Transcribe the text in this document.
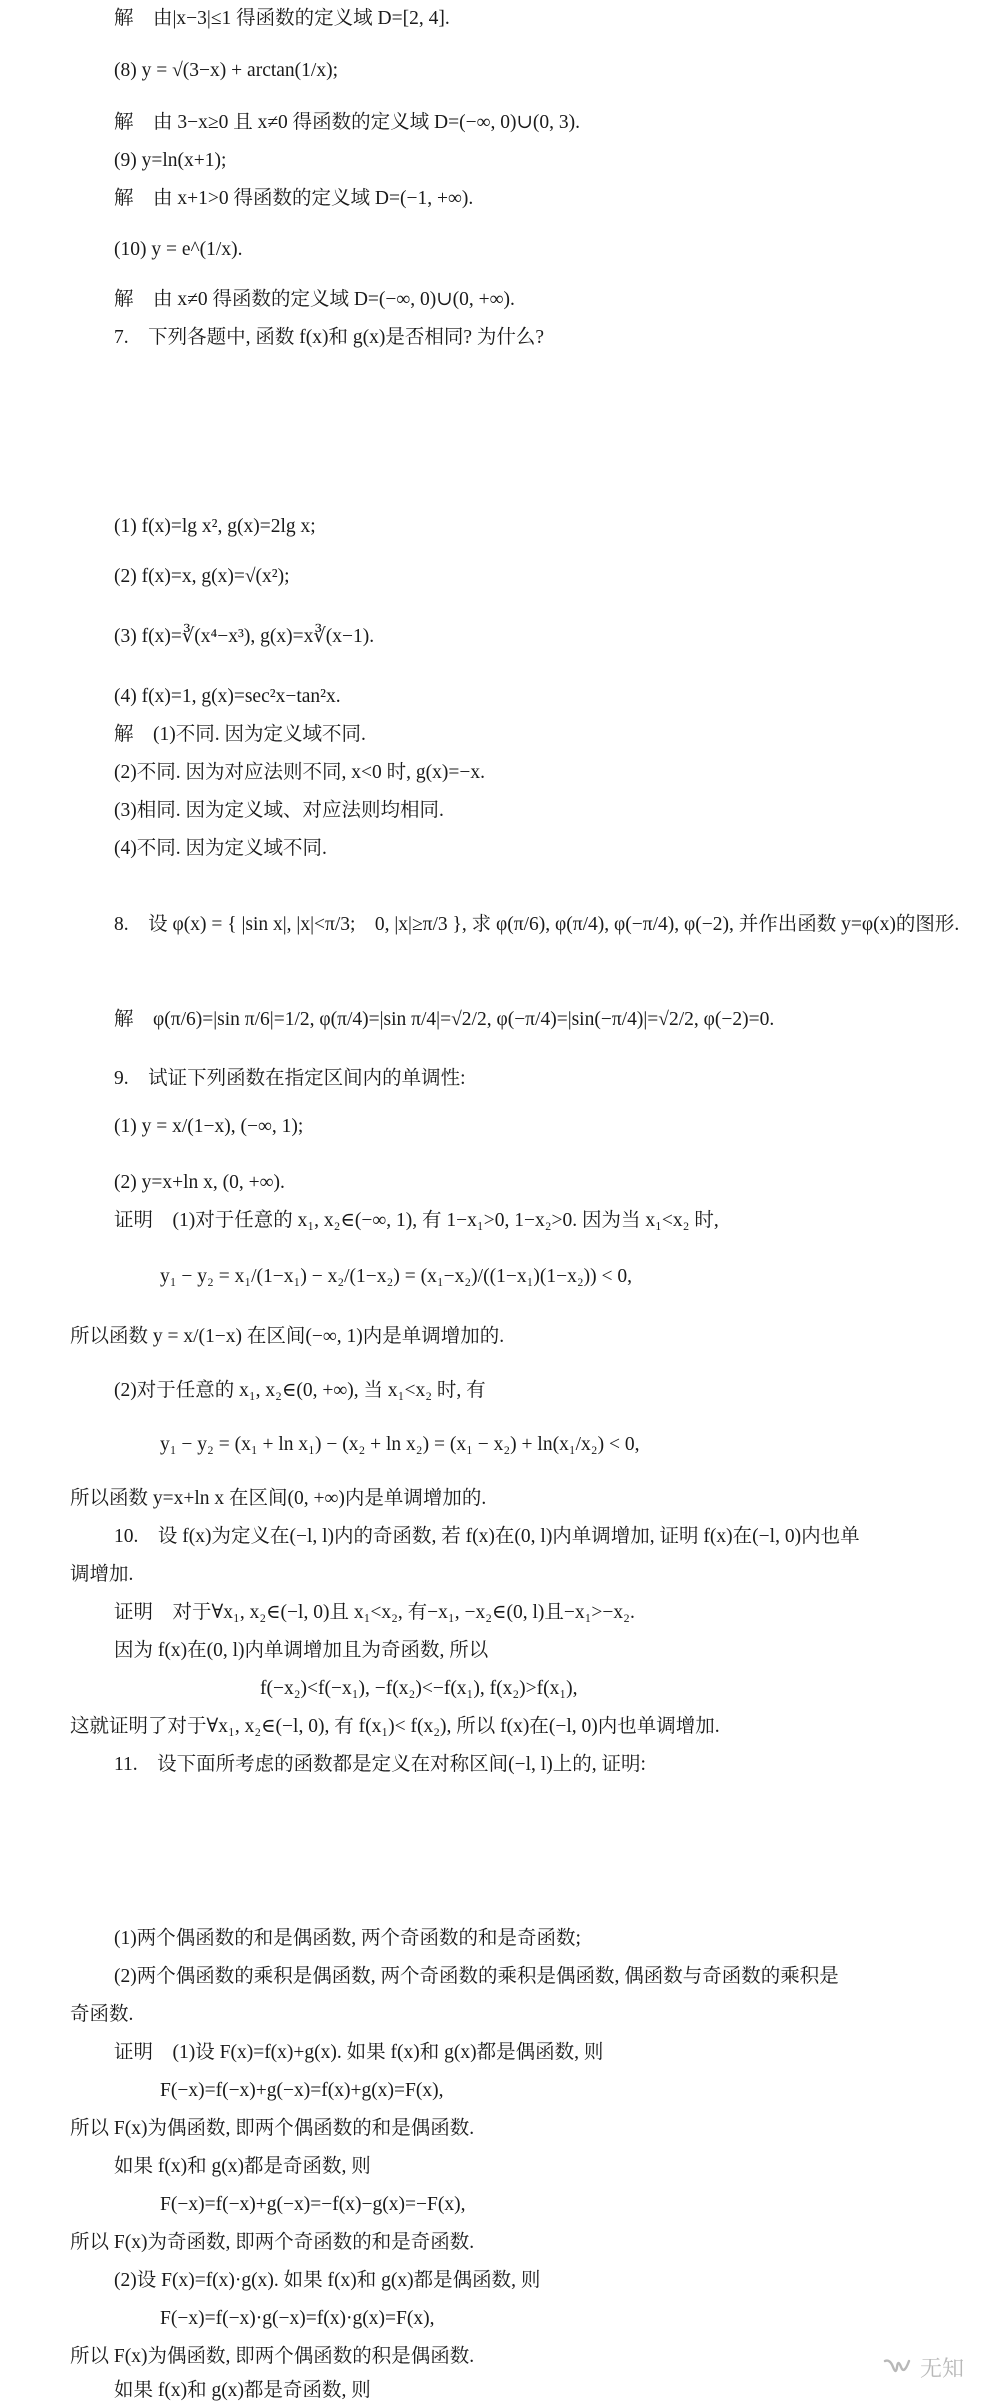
解　由|x−3|≤1 得函数的定义域 D=[2, 4].
(8) y = √(3−x) + arctan(1/x);
解　由 3−x≥0 且 x≠0 得函数的定义域 D=(−∞, 0)∪(0, 3).
(9) y=ln(x+1);
解　由 x+1>0 得函数的定义域 D=(−1, +∞).
(10) y = e^(1/x).
解　由 x≠0 得函数的定义域 D=(−∞, 0)∪(0, +∞).
7.　下列各题中, 函数 f(x)和 g(x)是否相同? 为什么?
(1) f(x)=lg x², g(x)=2lg x;
(2) f(x)=x, g(x)=√(x²);
(3) f(x)=∛(x⁴−x³), g(x)=x∛(x−1).
(4) f(x)=1, g(x)=sec²x−tan²x.
解　(1)不同. 因为定义域不同.
(2)不同. 因为对应法则不同, x<0 时, g(x)=−x.
(3)相同. 因为定义域、对应法则均相同.
(4)不同. 因为定义域不同.
8.　设 φ(x) = { |sin x|, |x|<π/3;　0, |x|≥π/3 }, 求 φ(π/6), φ(π/4), φ(−π/4), φ(−2), 并作出函数 y=φ(x)的图形.
解　φ(π/6)=|sin π/6|=1/2, φ(π/4)=|sin π/4|=√2/2, φ(−π/4)=|sin(−π/4)|=√2/2, φ(−2)=0.
9.　试证下列函数在指定区间内的单调性:
(1) y = x/(1−x), (−∞, 1);
(2) y=x+ln x, (0, +∞).
证明　(1)对于任意的 x₁, x₂∈(−∞, 1), 有 1−x₁>0, 1−x₂>0. 因为当 x₁<x₂ 时,
y₁ − y₂ = x₁/(1−x₁) − x₂/(1−x₂) = (x₁−x₂)/((1−x₁)(1−x₂)) < 0,
所以函数 y = x/(1−x) 在区间(−∞, 1)内是单调增加的.
(2)对于任意的 x₁, x₂∈(0, +∞), 当 x₁<x₂ 时, 有
y₁ − y₂ = (x₁ + ln x₁) − (x₂ + ln x₂) = (x₁ − x₂) + ln(x₁/x₂) < 0,
所以函数 y=x+ln x 在区间(0, +∞)内是单调增加的.
10.　设 f(x)为定义在(−l, l)内的奇函数, 若 f(x)在(0, l)内单调增加, 证明 f(x)在(−l, 0)内也单
调增加.
证明　对于∀x₁, x₂∈(−l, 0)且 x₁<x₂, 有−x₁, −x₂∈(0, l)且−x₁>−x₂.
因为 f(x)在(0, l)内单调增加且为奇函数, 所以
f(−x₂)<f(−x₁), −f(x₂)<−f(x₁), f(x₂)>f(x₁),
这就证明了对于∀x₁, x₂∈(−l, 0), 有 f(x₁)< f(x₂), 所以 f(x)在(−l, 0)内也单调增加.
11.　设下面所考虑的函数都是定义在对称区间(−l, l)上的, 证明:
(1)两个偶函数的和是偶函数, 两个奇函数的和是奇函数;
(2)两个偶函数的乘积是偶函数, 两个奇函数的乘积是偶函数, 偶函数与奇函数的乘积是
奇函数.
证明　(1)设 F(x)=f(x)+g(x). 如果 f(x)和 g(x)都是偶函数, 则
F(−x)=f(−x)+g(−x)=f(x)+g(x)=F(x),
所以 F(x)为偶函数, 即两个偶函数的和是偶函数.
如果 f(x)和 g(x)都是奇函数, 则
F(−x)=f(−x)+g(−x)=−f(x)−g(x)=−F(x),
所以 F(x)为奇函数, 即两个奇函数的和是奇函数.
(2)设 F(x)=f(x)·g(x). 如果 f(x)和 g(x)都是偶函数, 则
F(−x)=f(−x)·g(−x)=f(x)·g(x)=F(x),
所以 F(x)为偶函数, 即两个偶函数的积是偶函数.
如果 f(x)和 g(x)都是奇函数, 则
无知
